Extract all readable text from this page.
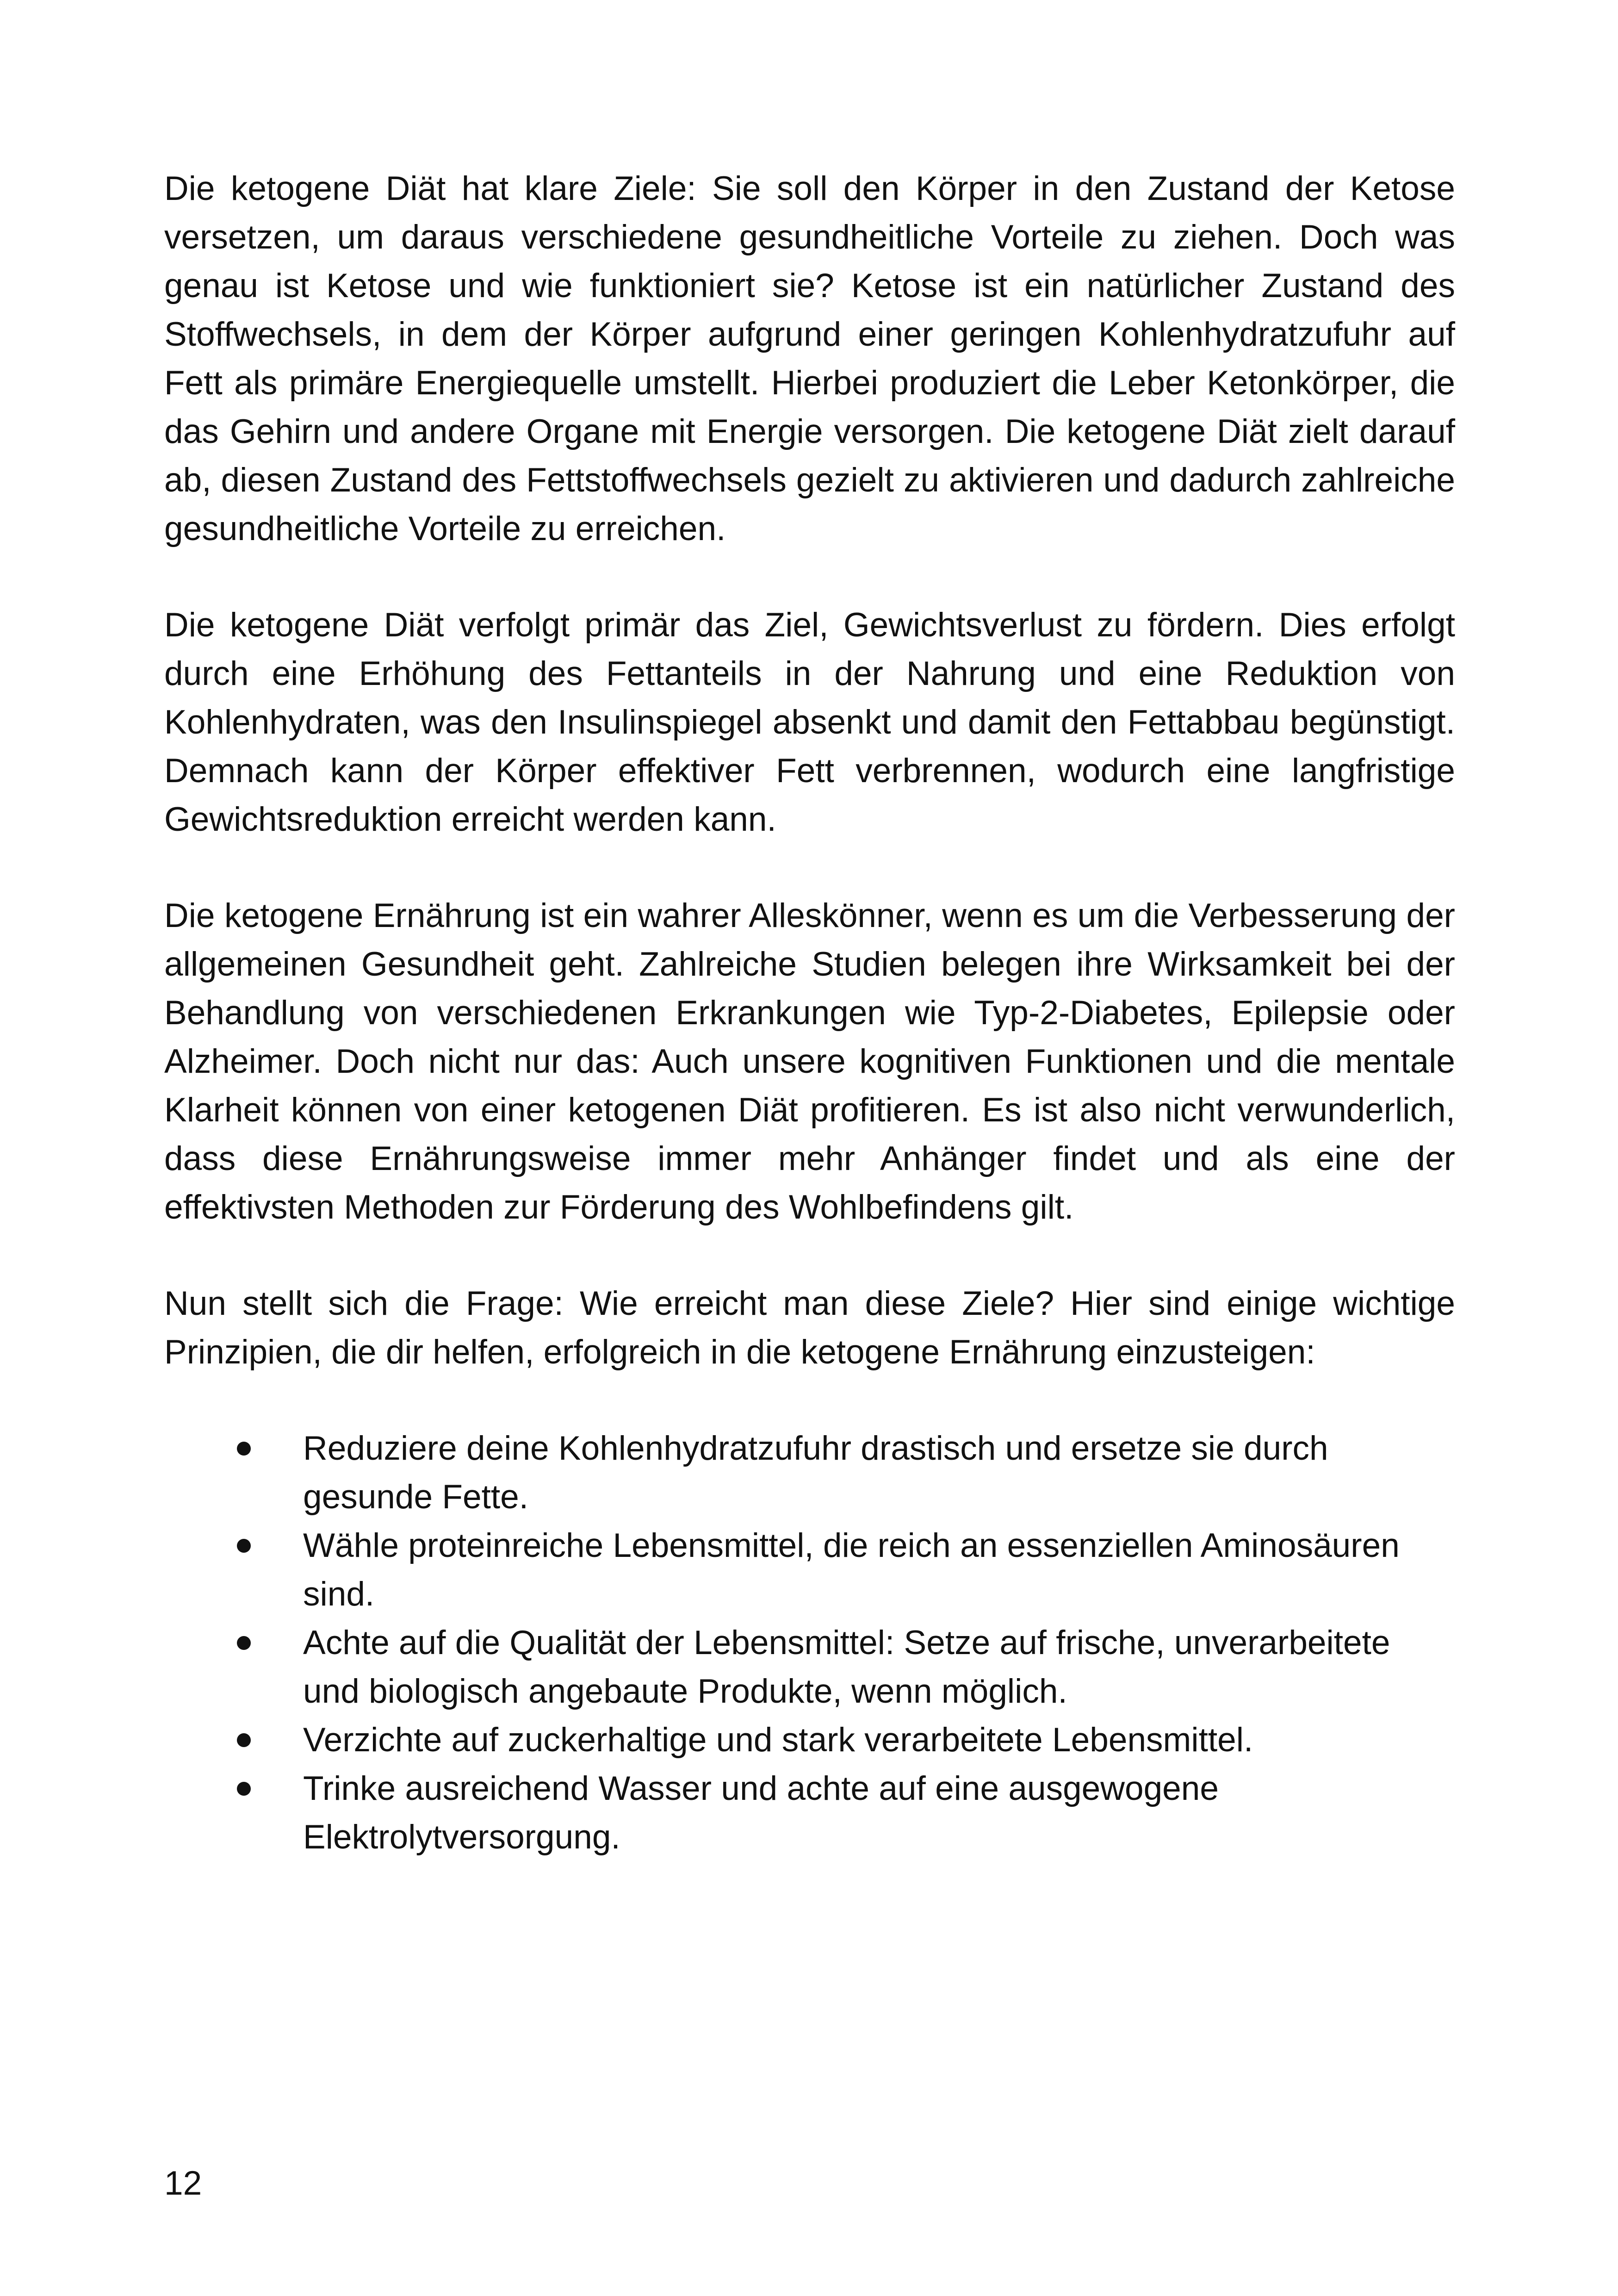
Die ketogene Diät hat klare Ziele: Sie soll den Körper in den Zustand der Ketose versetzen, um daraus verschiedene gesundheitliche Vorteile zu ziehen. Doch was genau ist Ketose und wie funktioniert sie? Ketose ist ein natürlicher Zustand des Stoffwechsels, in dem der Körper aufgrund einer geringen Kohlenhydratzufuhr auf Fett als primäre Energiequelle umstellt. Hierbei produziert die Leber Ketonkörper, die das Gehirn und andere Organe mit Energie versorgen. Die ketogene Diät zielt darauf ab, diesen Zustand des Fettstoffwechsels gezielt zu aktivieren und dadurch zahlreiche gesundheitliche Vorteile zu erreichen.

Die ketogene Diät verfolgt primär das Ziel, Gewichtsverlust zu fördern. Dies erfolgt durch eine Erhöhung des Fettanteils in der Nahrung und eine Reduktion von Kohlenhydraten, was den Insulinspiegel absenkt und damit den Fettabbau begünstigt. Demnach kann der Körper effektiver Fett verbrennen, wodurch eine langfristige Gewichtsreduktion erreicht werden kann.

Die ketogene Ernährung ist ein wahrer Alleskönner, wenn es um die Verbesserung der allgemeinen Gesundheit geht. Zahlreiche Studien belegen ihre Wirksamkeit bei der Behandlung von verschiedenen Erkrankungen wie Typ-2-Diabetes, Epilepsie oder Alzheimer. Doch nicht nur das: Auch unsere kognitiven Funktionen und die mentale Klarheit können von einer ketogenen Diät profitieren. Es ist also nicht verwunderlich, dass diese Ernährungsweise immer mehr Anhänger findet und als eine der effektivsten Methoden zur Förderung des Wohlbefindens gilt.

Nun stellt sich die Frage: Wie erreicht man diese Ziele? Hier sind einige wichtige Prinzipien, die dir helfen, erfolgreich in die ketogene Ernährung einzusteigen:

Reduziere deine Kohlenhydratzufuhr drastisch und ersetze sie durch gesunde Fette.
Wähle proteinreiche Lebensmittel, die reich an essenziellen Aminosäuren sind.
Achte auf die Qualität der Lebensmittel: Setze auf frische, unverarbeitete und biologisch angebaute Produkte, wenn möglich.
Verzichte auf zuckerhaltige und stark verarbeitete Lebensmittel.
Trinke ausreichend Wasser und achte auf eine ausgewogene Elektrolytversorgung.
12
